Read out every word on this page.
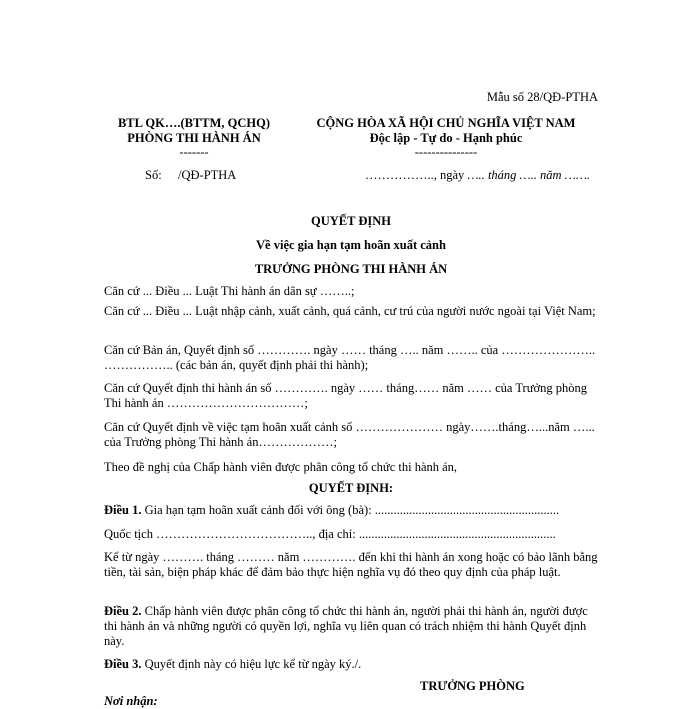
Mẫu số 28/QĐ-PTHA
BTL QK….(BTTM, QCHQ)
PHÒNG THI HÀNH ÁN
-------
Số: /QĐ-PTHA
CỘNG HÒA XÃ HỘI CHỦ NGHĨA VIỆT NAM
Độc lập - Tự do - Hạnh phúc
---------------
…………….., ngày ….. tháng ….. năm …….
QUYẾT ĐỊNH
Về việc gia hạn tạm hoãn xuất cảnh
TRƯỞNG PHÒNG THI HÀNH ÁN
Căn cứ ... Điều ... Luật Thi hành án dân sự ……..;
Căn cứ ... Điều ... Luật nhập cảnh, xuất cảnh, quá cảnh, cư trú của người nước ngoài tại Việt Nam;
Căn cứ Bản án, Quyết định số …………. ngày …… tháng ….. năm …….. của ………………….. …………….. (các bản án, quyết định phải thi hành);
Căn cứ Quyết định thi hành án số …………. ngày …… tháng…… năm …… của Trưởng phòng Thi hành án ……………………………;
Căn cứ Quyết định về việc tạm hoãn xuất cảnh số ………………… ngày…….tháng…...năm …... của Trưởng phòng Thi hành án………………;
Theo đề nghị của Chấp hành viên được phân công tổ chức thi hành án,
QUYẾT ĐỊNH:
Điều 1. Gia hạn tạm hoãn xuất cảnh đối với ông (bà): ...........................................................
Quốc tịch ……………………………….., địa chỉ: ...............................................................
Kể từ ngày ………. tháng ……… năm …………. đến khi thi hành án xong hoặc có bảo lãnh bằng tiền, tài sản, biện pháp khác để đảm bảo thực hiện nghĩa vụ đó theo quy định của pháp luật.
Điều 2. Chấp hành viên được phân công tổ chức thi hành án, người phải thi hành án, người được thi hành án và những người có quyền lợi, nghĩa vụ liên quan có trách nhiệm thi hành Quyết định này.
Điều 3. Quyết định này có hiệu lực kể từ ngày ký./.
TRƯỞNG PHÒNG
Nơi nhận:
